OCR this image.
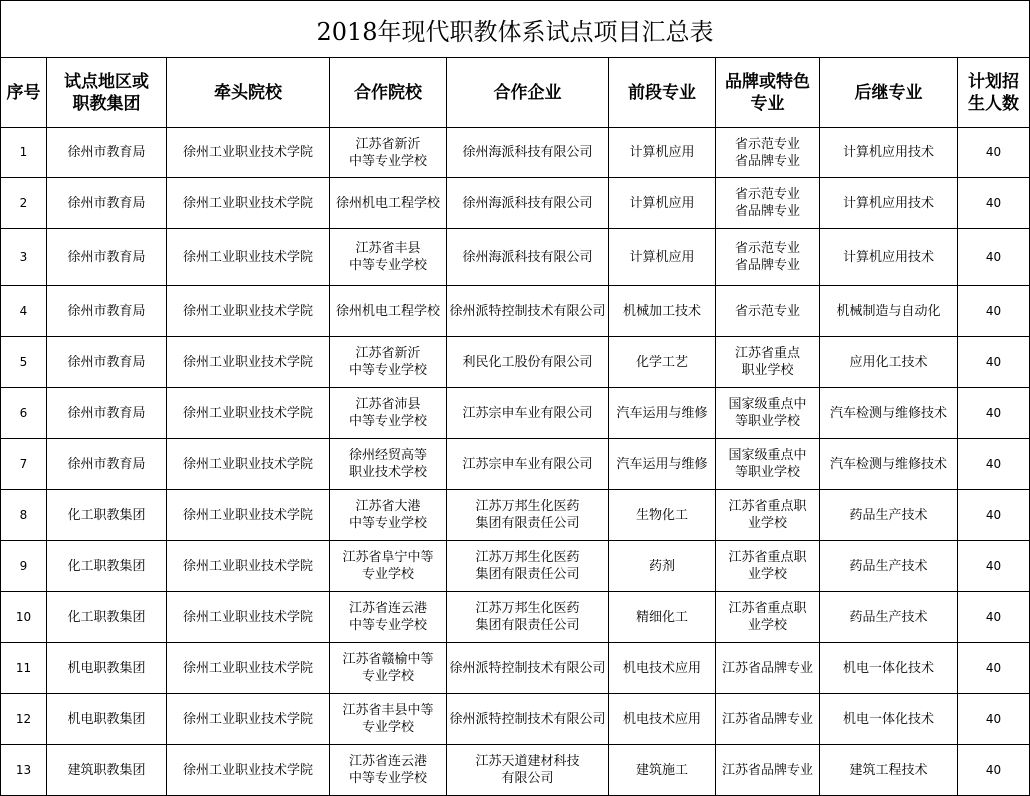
2018年现代职教体系试点项目汇总表
序号	试点地区或
职教集团	牵头院校	合作院校	合作企业	前段专业	品牌或特色
专业	后继专业	计划招
生人数
1	徐州市教育局	徐州工业职业技术学院	江苏省新沂
中等专业学校	徐州海派科技有限公司	计算机应用	省示范专业
省品牌专业	计算机应用技术	40
2	徐州市教育局	徐州工业职业技术学院	徐州机电工程学校	徐州海派科技有限公司	计算机应用	省示范专业
省品牌专业	计算机应用技术	40
3	徐州市教育局	徐州工业职业技术学院	江苏省丰县
中等专业学校	徐州海派科技有限公司	计算机应用	省示范专业
省品牌专业	计算机应用技术	40
4	徐州市教育局	徐州工业职业技术学院	徐州机电工程学校	徐州派特控制技术有限公司	机械加工技术	省示范专业	机械制造与自动化	40
5	徐州市教育局	徐州工业职业技术学院	江苏省新沂
中等专业学校	利民化工股份有限公司	化学工艺	江苏省重点
职业学校	应用化工技术	40
6	徐州市教育局	徐州工业职业技术学院	江苏省沛县
中等专业学校	江苏宗申车业有限公司	汽车运用与维修	国家级重点中
等职业学校	汽车检测与维修技术	40
7	徐州市教育局	徐州工业职业技术学院	徐州经贸高等
职业技术学校	江苏宗申车业有限公司	汽车运用与维修	国家级重点中
等职业学校	汽车检测与维修技术	40
8	化工职教集团	徐州工业职业技术学院	江苏省大港
中等专业学校	江苏万邦生化医药
集团有限责任公司	生物化工	江苏省重点职
业学校	药品生产技术	40
9	化工职教集团	徐州工业职业技术学院	江苏省阜宁中等
专业学校	江苏万邦生化医药
集团有限责任公司	药剂	江苏省重点职
业学校	药品生产技术	40
10	化工职教集团	徐州工业职业技术学院	江苏省连云港
中等专业学校	江苏万邦生化医药
集团有限责任公司	精细化工	江苏省重点职
业学校	药品生产技术	40
11	机电职教集团	徐州工业职业技术学院	江苏省赣榆中等
专业学校	徐州派特控制技术有限公司	机电技术应用	江苏省品牌专业	机电一体化技术	40
12	机电职教集团	徐州工业职业技术学院	江苏省丰县中等
专业学校	徐州派特控制技术有限公司	机电技术应用	江苏省品牌专业	机电一体化技术	40
13	建筑职教集团	徐州工业职业技术学院	江苏省连云港
中等专业学校	江苏天道建材科技
有限公司	建筑施工	江苏省品牌专业	建筑工程技术	40
